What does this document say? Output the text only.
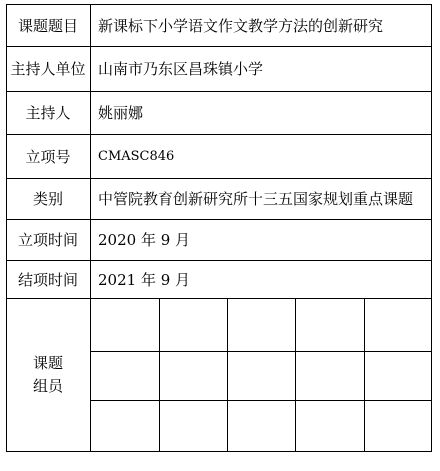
课题题目	新课标下小学语文作文教学方法的创新研究
主持人单位 山南市乃东区昌珠镇小学
主持人	姚丽娜
立项号	CMASC846
类别	中管院教育创新研究所十三五国家规划重点课题
立项时间	2020 年 9 月
结项时间	2021 年 9 月
课题
组员
